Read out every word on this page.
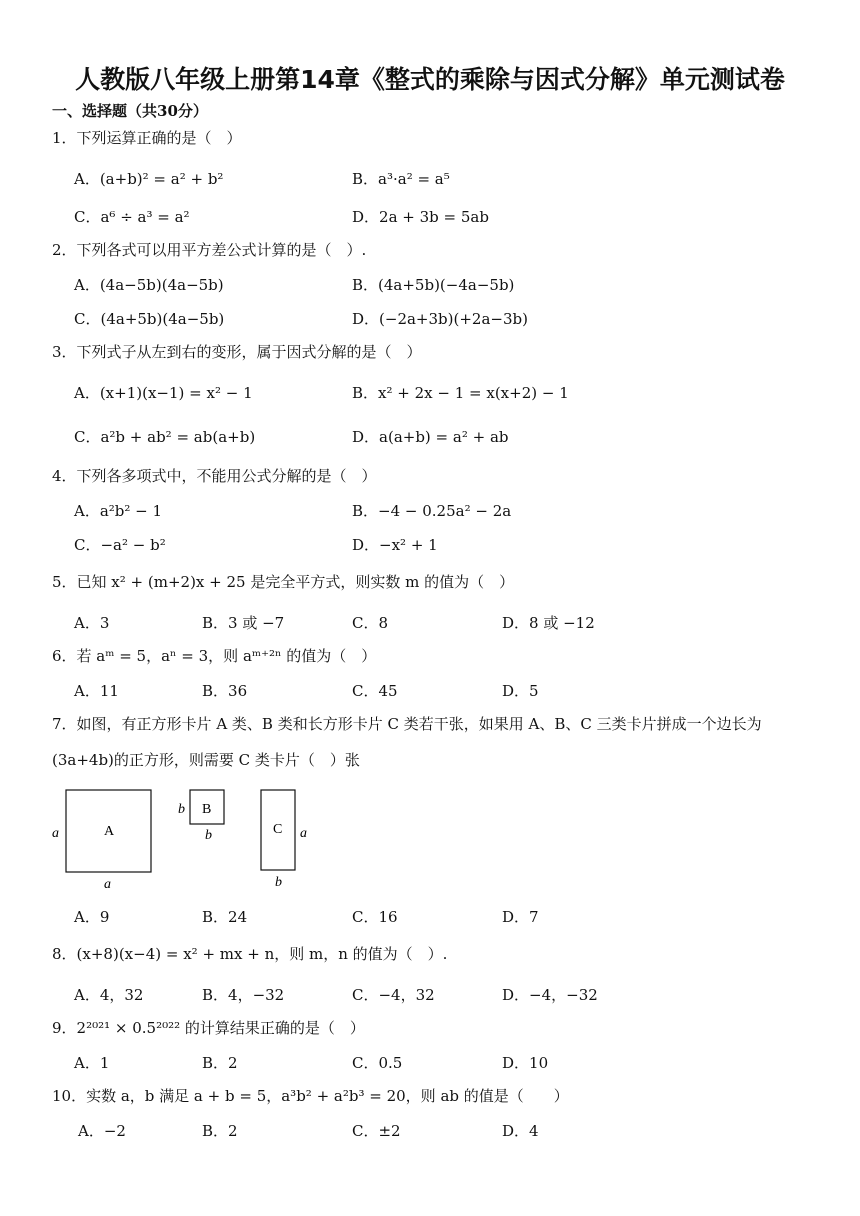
人教版八年级上册第14章《整式的乘除与因式分解》单元测试卷
一、选择题（共30分）
1．下列运算正确的是（　）
A．(a+b)² = a² + b²	B．a³·a² = a⁵
C．a⁶ ÷ a³ = a²	D．2a + 3b = 5ab
2．下列各式可以用平方差公式计算的是（　）.
A．(4a−5b)(4a−5b)	B．(4a+5b)(−4a−5b)
C．(4a+5b)(4a−5b)	D．(−2a+3b)(+2a−3b)
3．下列式子从左到右的变形，属于因式分解的是（　）
A．(x+1)(x−1) = x² − 1	B．x² + 2x − 1 = x(x+2) − 1
C．a²b + ab² = ab(a+b)	D．a(a+b) = a² + ab
4．下列各多项式中，不能用公式分解的是（　）
A．a²b² − 1	B．−4 − 0.25a² − 2a
C．−a² − b²	D．−x² + 1
5．已知 x² + (m+2)x + 25 是完全平方式，则实数 m 的值为（　）
A．3	B．3 或 −7	C．8	D．8 或 −12
6．若 aᵐ = 5，aⁿ = 3，则 aᵐ⁺²ⁿ 的值为（　）
A．11	B．36	C．45	D．5
7．如图，有正方形卡片 A 类、B 类和长方形卡片 C 类若干张，如果用 A、B、C 三类卡片拼成一个边长为(3a+4b)的正方形，则需要 C 类卡片（　）张
A
a
a
B
b
b	C a
b
A．9	B．24	C．16	D．7
8．(x+8)(x−4) = x² + mx + n，则 m，n 的值为（　）.
A．4，32	B．4，−32	C．−4，32	D．−4，−32
9．2²⁰²¹ × 0.5²⁰²² 的计算结果正确的是（　）
A．1	B．2	C．0.5	D．10
10．实数 a，b 满足 a + b = 5，a³b² + a²b³ = 20，则 ab 的值是（　　）
A．−2	B．2	C．±2	D．4
